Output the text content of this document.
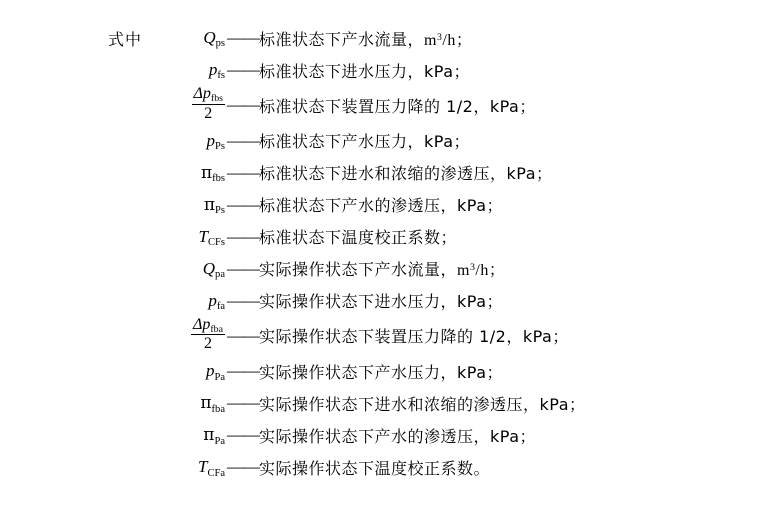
式中	$Q_{ps}$ —— 标准状态下产水流量，$m^3/h$；
$p_{fs}$ —— 标准状态下进水压力，kPa；
$\frac{\Delta p_{fbs}}{2}$ —— 标准状态下装置压力降的 1/2，kPa；
$p_{Ps}$ —— 标准状态下产水压力，kPa；
$\pi_{fbs}$ —— 标准状态下进水和浓缩的渗透压，kPa；
$\pi_{Ps}$ —— 标准状态下产水的渗透压，kPa；
$T_{CFs}$ —— 标准状态下温度校正系数；
$Q_{pa}$ —— 实际操作状态下产水流量，$m^3/h$；
$p_{fa}$ —— 实际操作状态下进水压力，kPa；
$\frac{\Delta p_{fba}}{2}$ —— 实际操作状态下装置压力降的 1/2，kPa；
$p_{Pa}$ —— 实际操作状态下产水压力，kPa；
$\pi_{fba}$ —— 实际操作状态下进水和浓缩的渗透压，kPa；
$\pi_{Pa}$ —— 实际操作状态下产水的渗透压，kPa；
$T_{CFa}$ —— 实际操作状态下温度校正系数。
